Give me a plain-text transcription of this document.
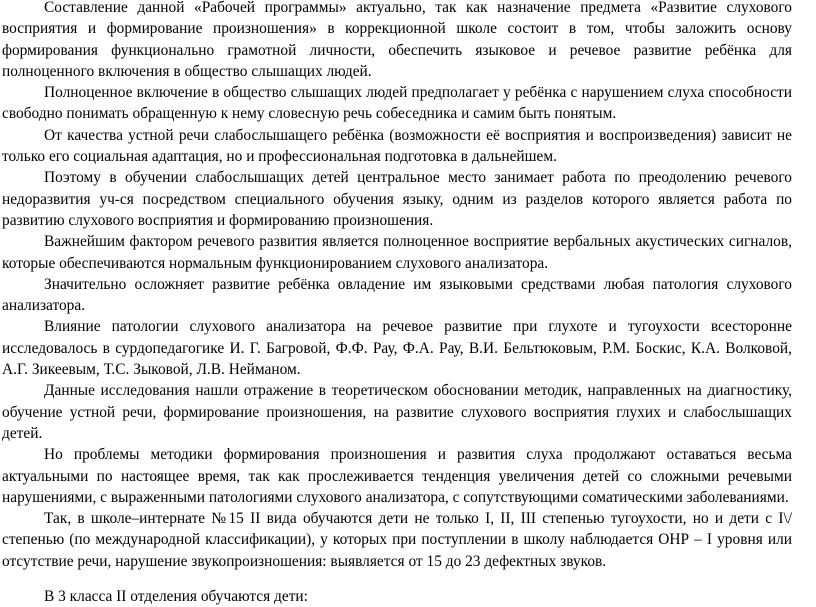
Составление данной «Рабочей программы» актуально, так как назначение предмета «Развитие слухового восприятия и формирование произношения» в коррекционной школе состоит в том, чтобы заложить основу формирования функционально грамотной личности, обеспечить языковое и речевое развитие ребёнка для полноценного включения в общество слышащих людей.

Полноценное включение в общество слышащих людей предполагает у ребёнка с нарушением слуха способности свободно понимать обращенную к нему словесную речь собеседника и самим быть понятым.

От качества устной речи слабослышащего ребёнка (возможности её восприятия и воспроизведения) зависит не только его социальная адаптация, но и профессиональная подготовка в дальнейшем.

Поэтому в обучении слабослышащих детей центральное место занимает работа по преодолению речевого недоразвития уч-ся посредством специального обучения языку, одним из разделов которого является работа по развитию слухового восприятия и формированию произношения.

Важнейшим фактором речевого развития является полноценное восприятие вербальных акустических сигналов, которые обеспечиваются нормальным функционированием слухового анализатора.

Значительно осложняет развитие ребёнка овладение им языковыми средствами любая патология слухового анализатора.

Влияние патологии слухового анализатора на речевое развитие при глухоте и тугоухости всесторонне исследовалось в сурдопедагогике И. Г. Багровой, Ф.Ф. Рау, Ф.А. Рау, В.И. Бельтюковым, Р.М. Боскис, К.А. Волковой, А.Г. Зикеевым, Т.С. Зыковой, Л.В. Нейманом.

Данные исследования нашли отражение в теоретическом обосновании методик, направленных на диагностику, обучение устной речи, формирование произношения, на развитие слухового восприятия глухих и слабослышащих детей.

Но проблемы методики формирования произношения и развития слуха продолжают оставаться весьма актуальными по настоящее время, так как прослеживается тенденция увеличения детей со сложными речевыми нарушениями, с выраженными патологиями слухового анализатора, с сопутствующими соматическими заболеваниями.

Так, в школе–интернате №15 II вида обучаются дети не только I, II, III степенью тугоухости, но и дети с I\/ степенью (по международной классификации), у которых при поступлении в школу наблюдается ОНР – I уровня или отсутствие речи, нарушение звукопроизношения: выявляется от 15 до 23 дефектных звуков.

В 3 класса II отделения обучаются дети:
